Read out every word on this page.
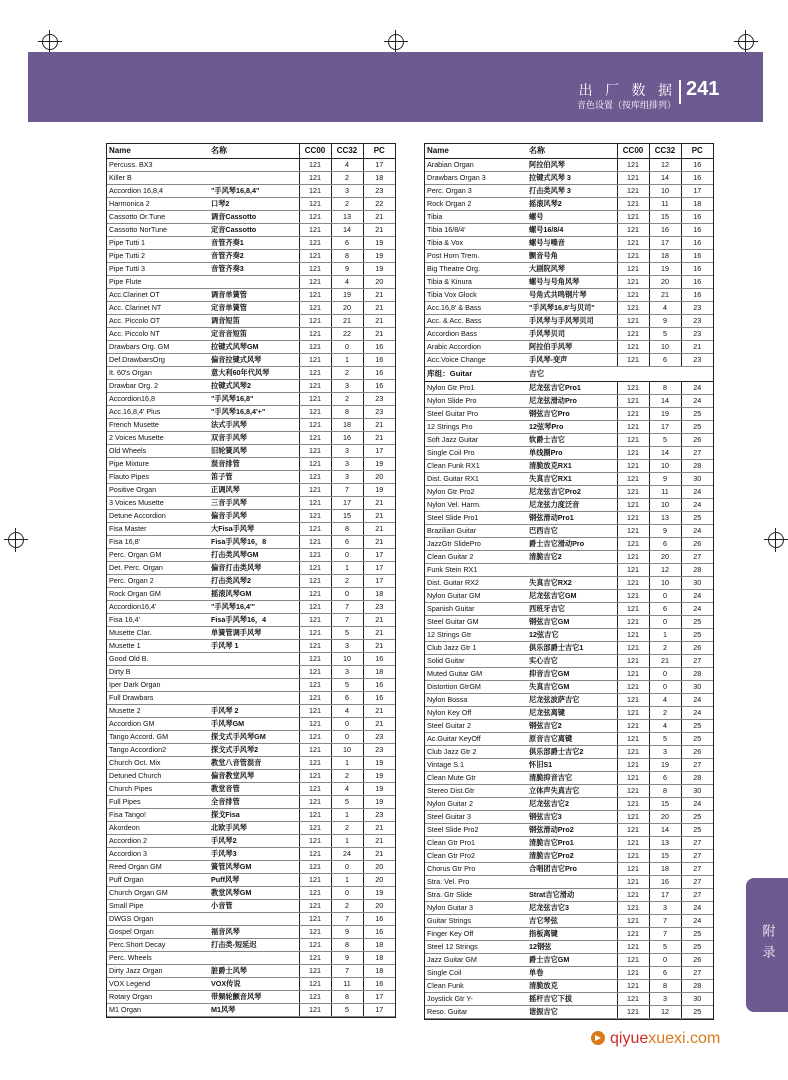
出 厂 数 据
音色设置（按库组排列）
241
附录
Name	名称	CC00	CC32	PC
Percuss. BX3		121	4	17
Killer B		121	2	18
Accordion 16,8,4	"手风琴16,8,4"	121	3	23
Harmonica 2	口琴2	121	2	22
Cassotto Or.Tune	调音Cassotto	121	13	21
Cassotto NorTune	定音Cassotto	121	14	21
Pipe Tutti 1	音管齐奏1	121	6	19
Pipe Tutti 2	音管齐奏2	121	8	19
Pipe Tutti 3	音管齐奏3	121	9	19
Pipe Flute		121	4	20
Acc.Clarinet OT	调音单簧管	121	19	21
Acc. Clarinet NT	定音单簧管	121	20	21
Acc. Piccolo OT	调音短笛	121	21	21
Acc. Piccolo NT	定音音短笛	121	22	21
Drawbars Org. GM	拉键式风琴GM	121	0	16
Def.DrawbarsOrg	偏音拉键式风琴	121	1	16
It. 60's Organ	意大利60年代风琴	121	2	16
Drawbar Org. 2	拉键式风琴2	121	3	16
Accordion16,8	"手风琴16,8"	121	2	23
Acc.16,8,4' Plus	"手风琴16,8,4'+"	121	8	23
French Musette	法式手风琴	121	18	21
2 Voices Musette	双音手风琴	121	16	21
Old Wheels	旧轮簧风琴	121	3	17
Pipe Mixture	混音排管	121	3	19
Flauto Pipes	笛子管	121	3	20
Positive Organ	正调风琴	121	7	19
3 Voices Musette	三音手风琴	121	17	21
Detune Accordion	偏音手风琴	121	15	21
Fisa Master	大Fisa手风琴	121	8	21
Fisa 16,8'	Fisa手风琴16，8	121	6	21
Perc. Organ GM	打击类风琴GM	121	0	17
Det. Perc. Organ	偏音打击类风琴	121	1	17
Perc. Organ 2	打击类风琴2	121	2	17
Rock Organ GM	摇滚风琴GM	121	0	18
Accordion16,4'	"手风琴16,4'"	121	7	23
Fisa 16,4'	Fisa手风琴16，4	121	7	21
Musette Clar.	单簧管调手风琴	121	5	21
Musette 1	手风琴 1	121	3	21
Good Old B.		121	10	16
Dirty B		121	3	18
Iper Dark Organ		121	5	16
Full Drawbars		121	6	16
Musette 2	手风琴 2	121	4	21
Accordion GM	手风琴GM	121	0	21
Tango Accord. GM	探戈式手风琴GM	121	0	23
Tango Accordion2	探戈式手风琴2	121	10	23
Church Oct. Mix	教堂八音管混音	121	1	19
Detuned Church	偏音教堂风琴	121	2	19
Church Pipes	教堂音管	121	4	19
Full Pipes	全音排管	121	5	19
Fisa Tango!	探戈Fisa	121	1	23
Akordeon	北欧手风琴	121	2	21
Accordion 2	手风琴2	121	1	21
Accordion 3	手风琴3	121	24	21
Reed Organ GM	簧管风琴GM	121	0	20
Puff Organ	Puff风琴	121	1	20
Church Organ GM	教堂风琴GM	121	0	19
Small Pipe	小音管	121	2	20
DWGS Organ		121	7	16
Gospel Organ	福音风琴	121	9	16
Perc.Short Decay	打击类-短延迟	121	8	18
Perc. Wheels		121	9	18
Dirty Jazz Organ	脏爵士风琴	121	7	18
VOX Legend	VOX传说	121	11	16
Rotary Organ	带频轮颤音风琴	121	8	17
M1 Organ	M1风琴	121	5	17
Name	名称	CC00	CC32	PC
Arabian Organ	阿拉伯风琴	121	12	16
Drawbars Organ 3	拉键式风琴 3	121	14	16
Perc. Organ 3	打击类风琴 3	121	10	17
Rock Organ 2	摇滚风琴2	121	11	18
Tibia	螺号	121	15	16
Tibia 16/8/4'	螺号16/8/4	121	16	16
Tibia & Vox	螺号与嗓音	121	17	16
Post Horn Trem.	颤音号角	121	18	16
Big Theatre Org.	大剧院风琴	121	19	16
Tibia & Kinura	螺号与号角风琴	121	20	16
Tibia Vox Glock	号角式共鸣钢片琴	121	21	16
Acc.16,8' & Bass	"手风琴16,8'与贝司"	121	4	23
Acc. & Acc. Bass	手风琴与手风琴贝司	121	9	23
Accordion Bass	手风琴贝司	121	5	23
Arabic Accordion	阿拉伯手风琴	121	10	21
Acc.Voice Change	手风琴-变声	121	6	23
库组：Guitar	吉它			
Nylon Gtr Pro1	尼龙弦吉它Pro1	121	8	24
Nylon Slide Pro	尼龙弦滑动Pro	121	14	24
Steel Guitar Pro	钢弦吉它Pro	121	19	25
12 Strings Pro	12弦琴Pro	121	17	25
Soft Jazz Guitar	软爵士吉它	121	5	26
Single Coil Pro	单线圈Pro	121	14	27
Clean Funk RX1	清脆放克RX1	121	10	28
Dist. Guitar RX1	失真吉它RX1	121	9	30
Nylon Gtr Pro2	尼龙弦吉它Pro2	121	11	24
Nylon Vel. Harm.	尼龙弦力度泛音	121	10	24
Steel Slide Pro1	钢弦滑动Pro1	121	13	25
Brazilian Guitar	巴西吉它	121	9	24
JazzGtr SlidePro	爵士吉它滑动Pro	121	6	26
Clean Guitar 2	清脆吉它2	121	20	27
Funk Stein RX1		121	12	28
Dist. Guitar RX2	失真吉它RX2	121	10	30
Nylon Guitar GM	尼龙弦吉它GM	121	0	24
Spanish Guitar	西班牙吉它	121	6	24
Steel Guitar GM	钢弦吉它GM	121	0	25
12 Strings Gtr	12弦吉它	121	1	25
Club Jazz Gtr 1	俱乐部爵士吉它1	121	2	26
Solid Guitar	实心吉它	121	21	27
Muted Guitar GM	抑音吉它GM	121	0	28
Distortion GtrGM	失真吉它GM	121	0	30
Nylon Bossa	尼龙弦波萨吉它	121	4	24
Nylon Key Off	尼龙弦离键	121	2	24
Steel Guitar 2	钢弦吉它2	121	4	25
Ac.Guitar KeyOff	原音吉它离键	121	5	25
Club Jazz Gtr 2	俱乐部爵士吉它2	121	3	26
Vintage S.1	怀旧S1	121	19	27
Clean Mute Gtr	清脆抑音吉它	121	6	28
Stereo Dist.Gtr	立体声失真吉它	121	8	30
Nylon Guitar 2	尼龙弦吉它2	121	15	24
Steel Guitar 3	钢弦吉它3	121	20	25
Steel Slide Pro2	钢弦滑动Pro2	121	14	25
Clean Gtr Pro1	清脆吉它Pro1	121	13	27
Clean Gtr Pro2	清脆吉它Pro2	121	15	27
Chorus Gtr Pro	合唱团吉它Pro	121	18	27
Stra. Vel. Pro		121	16	27
Stra. Gtr Slide	Strat吉它滑动	121	17	27
Nylon Guitar 3	尼龙弦吉它3	121	3	24
Guitar Strings	吉它琴弦	121	7	24
Finger Key Off	指板离键	121	7	25
Steel 12 Strings	12钢弦	121	5	25
Jazz Guitar GM	爵士吉它GM	121	0	26
Single Coil	单卷	121	6	27
Clean Funk	清脆放克	121	8	28
Joystick Gtr Y-	摇杆吉它下拔	121	3	30
Reso. Guitar	谐振吉它	121	12	25
qiyuexuexi.com
